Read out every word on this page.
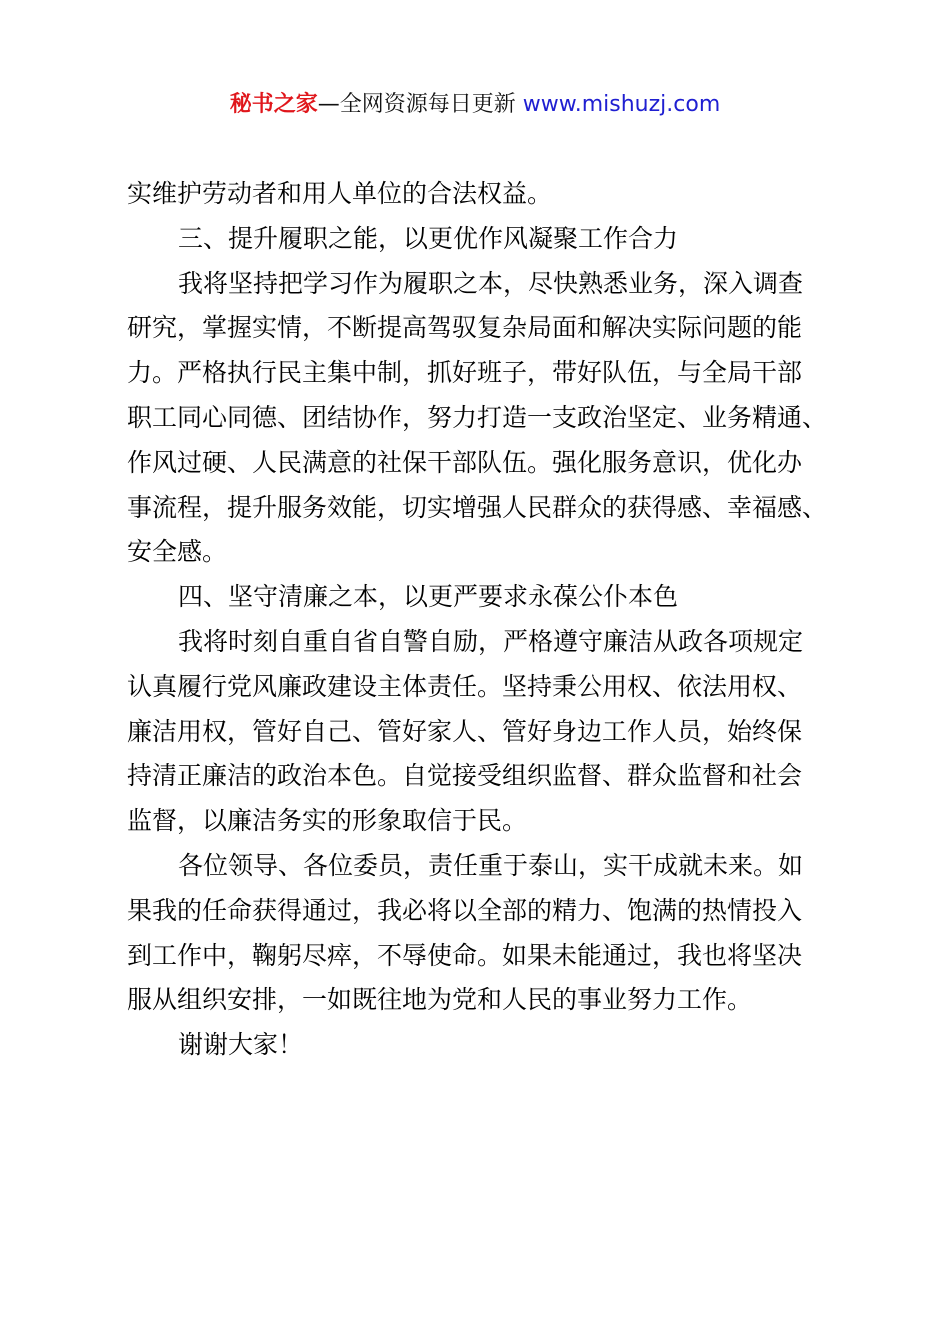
秘书之家—全网资源每日更新 www.mishuzj.com
实维护劳动者和用人单位的合法权益。
三、提升履职之能，以更优作风凝聚工作合力
我将坚持把学习作为履职之本，尽快熟悉业务，深入调查
研究，掌握实情，不断提高驾驭复杂局面和解决实际问题的能
力。严格执行民主集中制，抓好班子，带好队伍，与全局干部
职工同心同德、团结协作，努力打造一支政治坚定、业务精通、
作风过硬、人民满意的社保干部队伍。强化服务意识，优化办
事流程，提升服务效能，切实增强人民群众的获得感、幸福感、
安全感。
四、坚守清廉之本，以更严要求永葆公仆本色
我将时刻自重自省自警自励，严格遵守廉洁从政各项规定
认真履行党风廉政建设主体责任。坚持秉公用权、依法用权、
廉洁用权，管好自己、管好家人、管好身边工作人员，始终保
持清正廉洁的政治本色。自觉接受组织监督、群众监督和社会
监督，以廉洁务实的形象取信于民。
各位领导、各位委员，责任重于泰山，实干成就未来。如
果我的任命获得通过，我必将以全部的精力、饱满的热情投入
到工作中，鞠躬尽瘁，不辱使命。如果未能通过，我也将坚决
服从组织安排，一如既往地为党和人民的事业努力工作。
谢谢大家！
